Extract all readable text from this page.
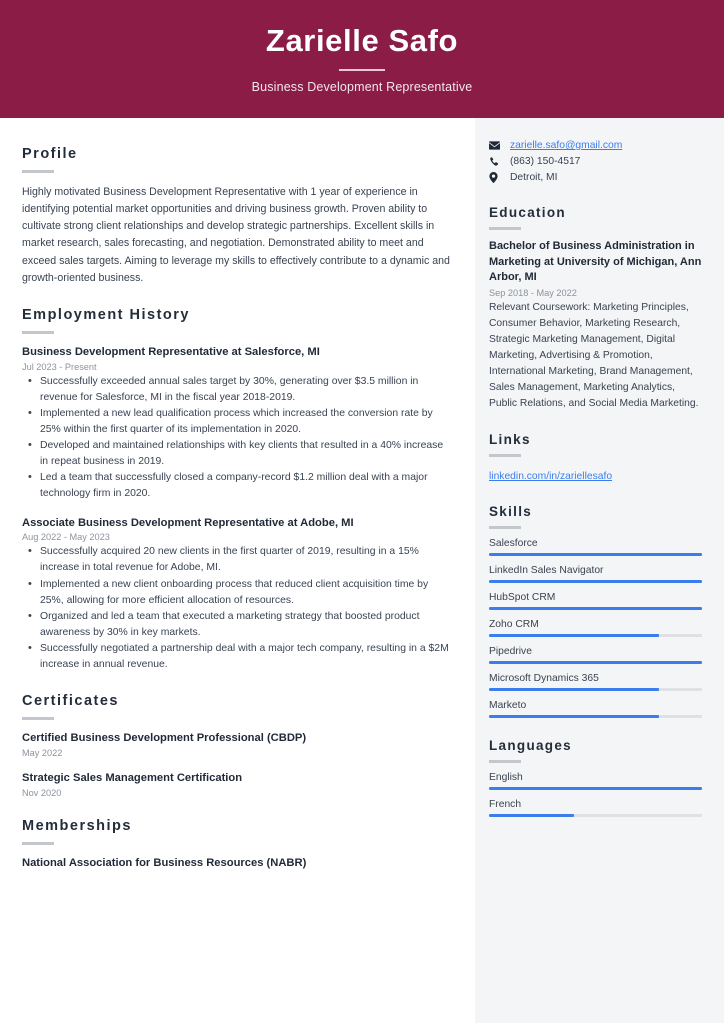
Zarielle Safo
Business Development Representative
Profile
Highly motivated Business Development Representative with 1 year of experience in identifying potential market opportunities and driving business growth. Proven ability to cultivate strong client relationships and develop strategic partnerships. Excellent skills in market research, sales forecasting, and negotiation. Demonstrated ability to meet and exceed sales targets. Aiming to leverage my skills to effectively contribute to a dynamic and growth-oriented business.
Employment History
Business Development Representative at Salesforce, MI
Jul 2023 - Present
• Successfully exceeded annual sales target by 30%, generating over $3.5 million in revenue for Salesforce, MI in the fiscal year 2018-2019.
• Implemented a new lead qualification process which increased the conversion rate by 25% within the first quarter of its implementation in 2020.
• Developed and maintained relationships with key clients that resulted in a 40% increase in repeat business in 2019.
• Led a team that successfully closed a company-record $1.2 million deal with a major technology firm in 2020.
Associate Business Development Representative at Adobe, MI
Aug 2022 - May 2023
• Successfully acquired 20 new clients in the first quarter of 2019, resulting in a 15% increase in total revenue for Adobe, MI.
• Implemented a new client onboarding process that reduced client acquisition time by 25%, allowing for more efficient allocation of resources.
• Organized and led a team that executed a marketing strategy that boosted product awareness by 30% in key markets.
• Successfully negotiated a partnership deal with a major tech company, resulting in a $2M increase in annual revenue.
Certificates
Certified Business Development Professional (CBDP)
May 2022
Strategic Sales Management Certification
Nov 2020
Memberships
National Association for Business Resources (NABR)
zarielle.safo@gmail.com
(863) 150-4517
Detroit, MI
Education
Bachelor of Business Administration in Marketing at University of Michigan, Ann Arbor, MI
Sep 2018 - May 2022
Relevant Coursework: Marketing Principles, Consumer Behavior, Marketing Research, Strategic Marketing Management, Digital Marketing, Advertising & Promotion, International Marketing, Brand Management, Sales Management, Marketing Analytics, Public Relations, and Social Media Marketing.
Links
linkedin.com/in/zariellesafo
Skills
Salesforce
LinkedIn Sales Navigator
HubSpot CRM
Zoho CRM
Pipedrive
Microsoft Dynamics 365
Marketo
Languages
English
French
